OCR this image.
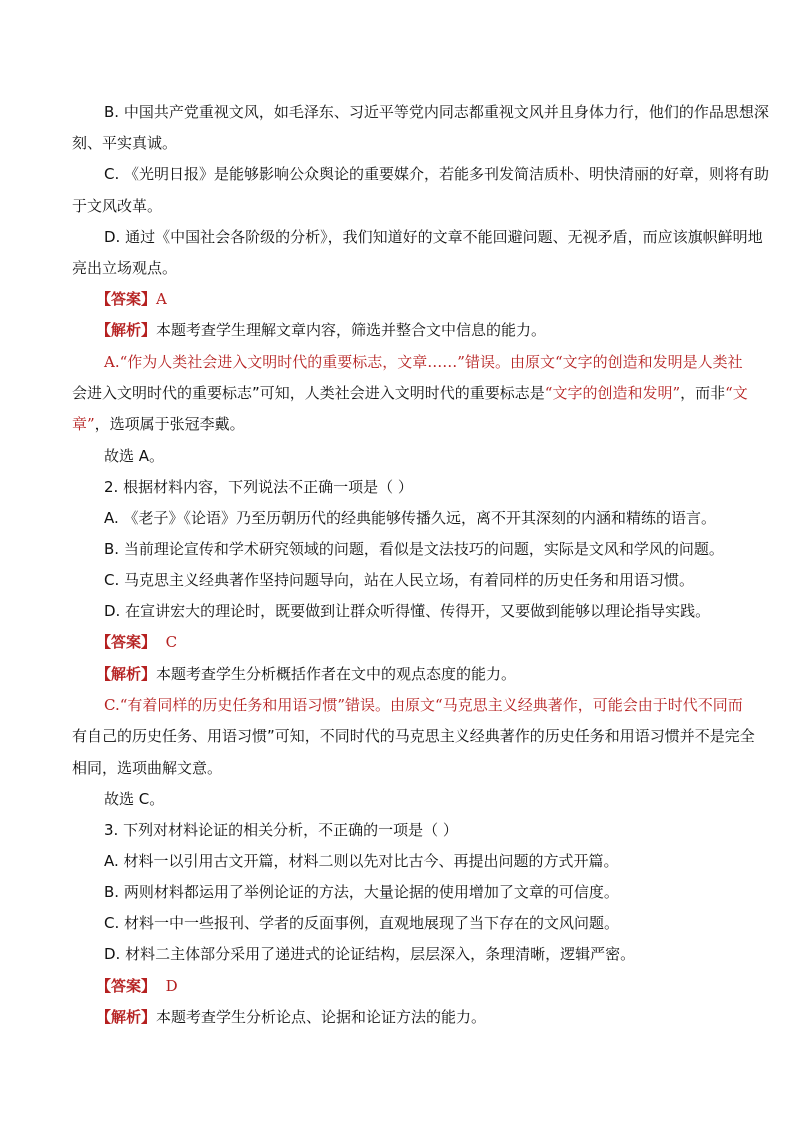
B. 中国共产党重视文风，如毛泽东、习近平等党内同志都重视文风并且身体力行，他们的作品思想深
刻、平实真诚。
C. 《光明日报》是能够影响公众舆论的重要媒介，若能多刊发简洁质朴、明快清丽的好章，则将有助
于文风改革。
D. 通过《中国社会各阶级的分析》，我们知道好的文章不能回避问题、无视矛盾，而应该旗帜鲜明地
亮出立场观点。
【答案】A
【解析】本题考查学生理解文章内容，筛选并整合文中信息的能力。
A.“作为人类社会进入文明时代的重要标志，文章……”错误。由原文“文字的创造和发明是人类社
会进入文明时代的重要标志”可知，人类社会进入文明时代的重要标志是“文字的创造和发明”，而非“文
章”，选项属于张冠李戴。
故选 A。
2. 根据材料内容，下列说法不正确一项是（ ）
A. 《老子》《论语》乃至历朝历代的经典能够传播久远，离不开其深刻的内涵和精练的语言。
B. 当前理论宣传和学术研究领域的问题，看似是文法技巧的问题，实际是文风和学风的问题。
C. 马克思主义经典著作坚持问题导向，站在人民立场，有着同样的历史任务和用语习惯。
D. 在宣讲宏大的理论时，既要做到让群众听得懂、传得开，又要做到能够以理论指导实践。
【答案】 C
【解析】本题考查学生分析概括作者在文中的观点态度的能力。
C.“有着同样的历史任务和用语习惯”错误。由原文“马克思主义经典著作，可能会由于时代不同而
有自己的历史任务、用语习惯”可知，不同时代的马克思主义经典著作的历史任务和用语习惯并不是完全
相同，选项曲解文意。
故选 C。
3. 下列对材料论证的相关分析，不正确的一项是（ ）
A. 材料一以引用古文开篇，材料二则以先对比古今、再提出问题的方式开篇。
B. 两则材料都运用了举例论证的方法，大量论据的使用增加了文章的可信度。
C. 材料一中一些报刊、学者的反面事例，直观地展现了当下存在的文风问题。
D. 材料二主体部分采用了递进式的论证结构，层层深入，条理清晰，逻辑严密。
【答案】 D
【解析】本题考查学生分析论点、论据和论证方法的能力。
